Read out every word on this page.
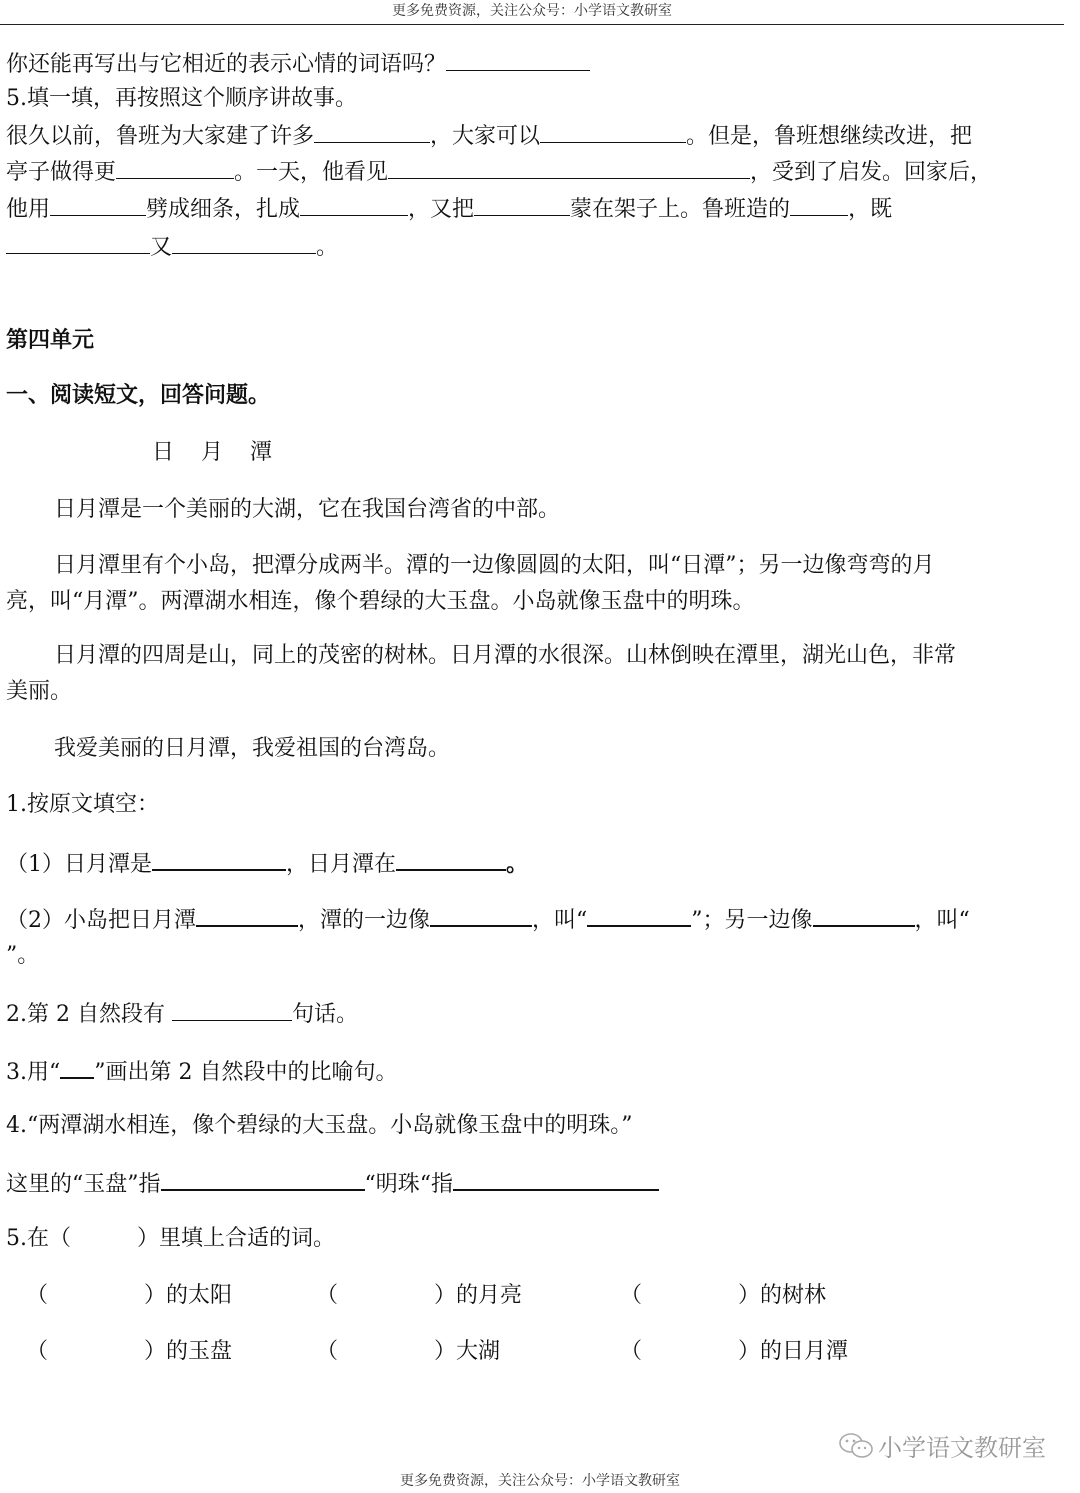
更多免费资源，关注公众号：小学语文教研室
你还能再写出与它相近的表示心情的词语吗？
5.填一填，再按照这个顺序讲故事。
很久以前，鲁班为大家建了许多	，大家可以	。但是，鲁班想继续改进，把
亭子做得更	。一天，他看见	，受到了启发。回家后，
他用	劈成细条，扎成	，又把	蒙在架子上。鲁班造的	，既
又	。
第四单元
一、阅读短文，回答问题。
日 月 潭
日月潭是一个美丽的大湖，它在我国台湾省的中部。
日月潭里有个小岛，把潭分成两半。潭的一边像圆圆的太阳，叫“日潭”；另一边像弯弯的月
亮，叫“月潭”。两潭湖水相连，像个碧绿的大玉盘。小岛就像玉盘中的明珠。
日月潭的四周是山，同上的茂密的树林。日月潭的水很深。山林倒映在潭里，湖光山色，非常
美丽。
我爱美丽的日月潭，我爱祖国的台湾岛。
1.按原文填空：
（1）日月潭是	，日月潭在	。
（2）小岛把日月潭	，潭的一边像	，叫“	”；另一边像	，叫“
”。
2.第 2 自然段有	句话。
3.用“ ”画出第 2 自然段中的比喻句。
4.“两潭湖水相连，像个碧绿的大玉盘。小岛就像玉盘中的明珠。”
这里的“玉盘”指	“明珠“指
5.在（　　　）里填上合适的词。
（	）的太阳	（	）的月亮	（	）的树林
（	）的玉盘	（	）大湖	（	）的日月潭
小学语文教研室
更多免费资源，关注公众号：小学语文教研室
